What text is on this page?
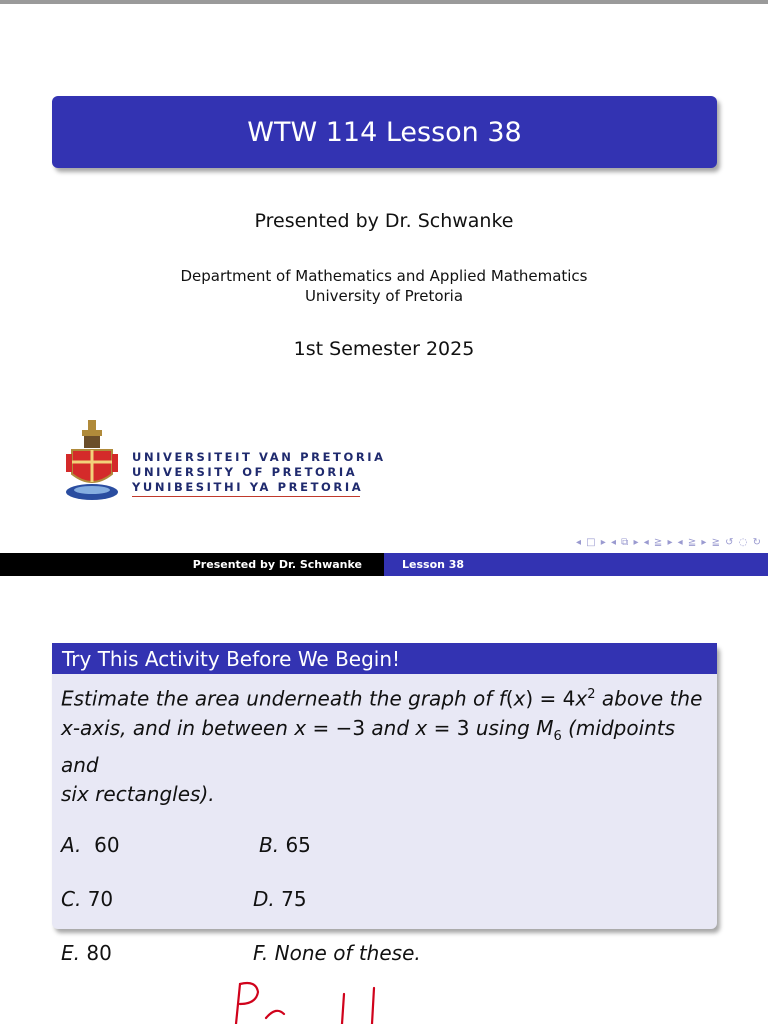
WTW 114 Lesson 38
Presented by Dr. Schwanke
Department of Mathematics and Applied Mathematics
University of Pretoria
1st Semester 2025
UNIVERSITEIT VAN PRETORIA
UNIVERSITY OF PRETORIA
YUNIBESITHI YA PRETORIA
◂ □ ▸ ◂ ⧉ ▸ ◂ ≧ ▸ ◂ ≧ ▸ ≧ ↺ ◌ ↻
Presented by Dr. Schwanke	Lesson 38
Try This Activity Before We Begin!
Estimate the area underneath the graph of $f(x) = 4x^2$ above the
x-axis, and in between x = −3 and x = 3 using $M_6$ (midpoints and
six rectangles).
A. 60	B. 65
C. 70	D. 75
E. 80	F. None of these.
